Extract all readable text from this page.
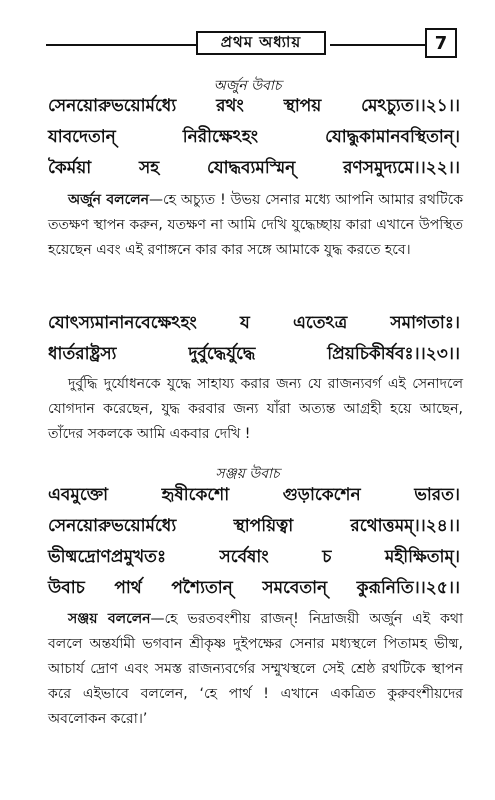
প্রথম অধ্যায়	7
অর্জুন উবাচ
সেনয়োরুভয়োর্মধ্যে রথং স্থাপয় মেঽচ্যুত।।২১।।
যাবদেতান্	নিরীক্ষেঽহং	যোদ্ধুকামানবস্থিতান্।
কৈর্ময়া	সহ	যোদ্ধব্যমস্মিন্	রণসমুদ্যমে।।২২।।
অর্জুন বললেন—হে অচ্যুত ! উভয় সেনার মধ্যে আপনি আমার রথটিকে ততক্ষণ স্থাপন করুন, যতক্ষণ না আমি দেখি যুদ্ধেচ্ছায় কারা এখানে উপস্থিত হয়েছেন এবং এই রণাঙ্গনে কার কার সঙ্গে আমাকে যুদ্ধ করতে হবে।
যোৎস্যমানানবেক্ষেঽহং	য	এতেঽত্র	সমাগতাঃ।
ধার্তরাষ্ট্রস্য	দুর্বুদ্ধের্যুদ্ধে	প্রিয়চিকীর্ষবঃ।।২৩।।
দুর্বুদ্ধি দুর্যোধনকে যুদ্ধে সাহায্য করার জন্য যে রাজন্যবর্গ এই সেনাদলে যোগদান করেছেন, যুদ্ধ করবার জন্য যাঁরা অত্যন্ত আগ্রহী হয়ে আছেন, তাঁদের সকলকে আমি একবার দেখি !
সঞ্জয় উবাচ
এবমুক্তো	হৃষীকেশো	গুড়াকেশেন	ভারত।
সেনয়োরুভয়োর্মধ্যে	স্থাপয়িত্বা	রথোত্তমম্।।২৪।।
ভীষ্মদ্রোণপ্রমুখতঃ	সর্বেষাং	চ	মহীক্ষিতাম্।
উবাচ পার্থ পশ্যৈতান্ সমবেতান্ কুরূনিতি।।২৫।।
সঞ্জয় বললেন—হে ভরতবংশীয় রাজন্! নিদ্রাজয়ী অর্জুন এই কথা বললে অন্তর্যামী ভগবান শ্রীকৃষ্ণ দুইপক্ষের সেনার মধ্যস্থলে পিতামহ ভীষ্ম, আচার্য দ্রোণ এবং সমস্ত রাজন্যবর্গের সম্মুখস্থলে সেই শ্রেষ্ঠ রথটিকে স্থাপন করে এইভাবে বললেন, ‘হে পার্থ ! এখানে একত্রিত কুরুবংশীয়দের অবলোকন করো।’
